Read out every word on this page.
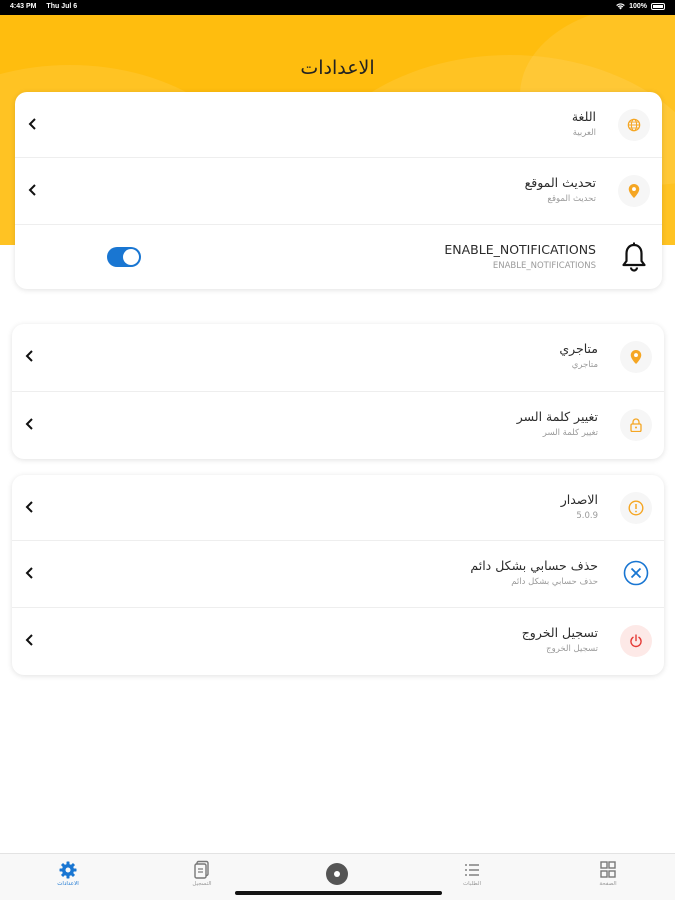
4:43 PM Thu Jul 6	100%
الاعدادات
اللغة
العربية
تحديث الموقع
تحديث الموقع
ENABLE_NOTIFICATIONS
ENABLE_NOTIFICATIONS
متاجري
متاجري
تغيير كلمة السر
تغيير كلمة السر
الاصدار
5.0.9
حذف حسابي بشكل دائم
حذف حسابي بشكل دائم
تسجيل الخروج
تسجيل الخروج
الاعدادات	التسجيل	الطلبات	الصفحة
